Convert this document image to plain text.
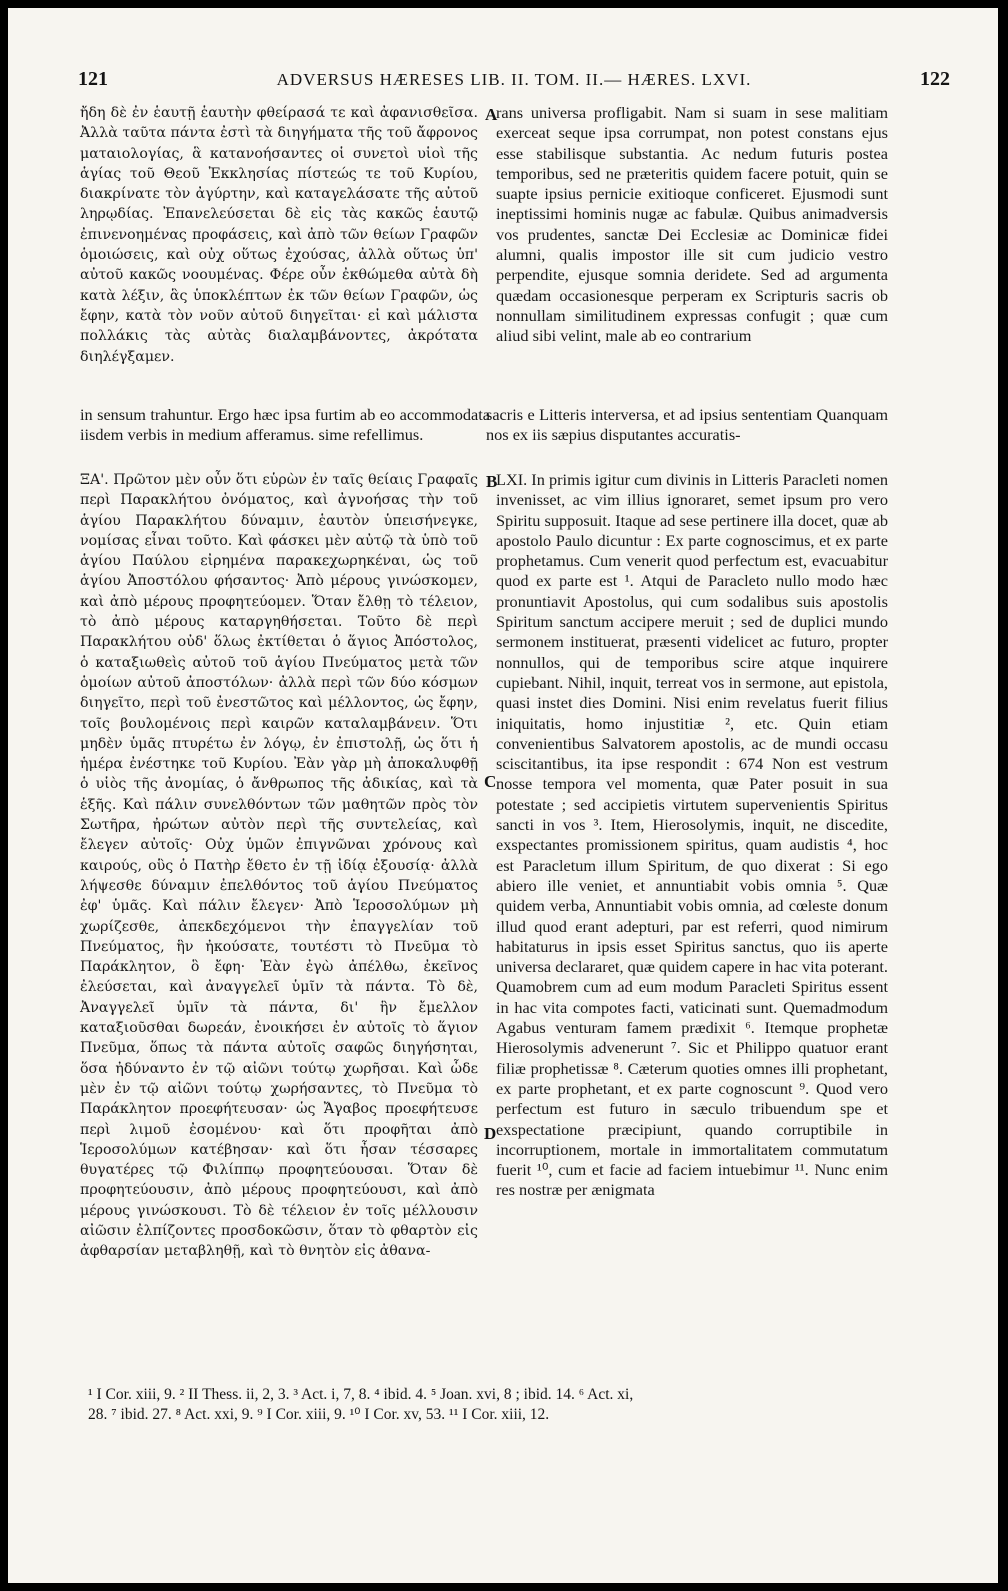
121	ADVERSUS HÆRESES LIB. II. TOM. II.— HÆRES. LXVI.	122

ἤδη δὲ ἐν ἑαυτῇ ἑαυτὴν φθείρασά τε καὶ ἀφανισθεῖσα. Ἀλλὰ ταῦτα πάντα ἐστὶ τὰ διηγήματα τῆς τοῦ ἄφρονος ματαιολογίας, ἃ κατανοήσαντες οἱ συνετοὶ υἱοὶ τῆς ἁγίας τοῦ Θεοῦ Ἐκκλησίας πίστεώς τε τοῦ Κυρίου, διακρίνατε τὸν ἀγύρτην, καὶ καταγελάσατε τῆς αὐτοῦ ληρῳδίας. Ἐπανελεύσεται δὲ εἰς τὰς κακῶς ἑαυτῷ ἐπινενοημένας προφάσεις, καὶ ἀπὸ τῶν θείων Γραφῶν ὁμοιώσεις, καὶ οὐχ οὕτως ἐχούσας, ἀλλὰ οὕτως ὑπ' αὐτοῦ κακῶς νοουμένας. Φέρε οὖν ἐκθώμεθα αὐτὰ δὴ κατὰ λέξιν, ἃς ὑποκλέπτων ἐκ τῶν θείων Γραφῶν, ὡς ἔφην, κατὰ τὸν νοῦν αὐτοῦ διηγεῖται· εἰ καὶ μάλιστα πολλάκις τὰς αὐτὰς διαλαμβάνοντες, ἀκρότατα διηλέγξαμεν.

rans universa profligabit. Nam si suam in sese malitiam exerceat seque ipsa corrumpat, non potest constans ejus esse stabilisque substantia. Ac nedum futuris postea temporibus, sed ne præteritis quidem facere potuit, quin se suapte ipsius pernicie exitioque conficeret. Ejusmodi sunt ineptissimi hominis nugæ ac fabulæ. Quibus animadversis vos prudentes, sanctæ Dei Ecclesiæ ac Dominicæ fidei alumni, qualis impostor ille sit cum judicio vestro perpendite, ejusque somnia deridete. Sed ad argumenta quædam occasionesque perperam ex Scripturis sacris ob nonnullam similitudinem expressas confugit ; quæ cum aliud sibi velint, male ab eo contrarium

in sensum trahuntur. Ergo hæc ipsa furtim ab eo accommodata iisdem verbis in medium afferamus. sime refellimus.

sacris e Litteris interversa, et ad ipsius sententiam Quanquam nos ex iis sæpius disputantes accuratis-

ΞΑ'. Πρῶτον μὲν οὖν ὅτι εὑρὼν ἐν ταῖς θείαις Γραφαῖς περὶ Παρακλήτου ὀνόματος, καὶ ἀγνοήσας τὴν τοῦ ἁγίου Παρακλήτου δύναμιν, ἑαυτὸν ὑπεισήνεγκε, νομίσας εἶναι τοῦτο. Καὶ φάσκει μὲν αὐτῷ τὰ ὑπὸ τοῦ ἁγίου Παύλου εἰρημένα παρακεχωρηκέναι, ὡς τοῦ ἁγίου Ἀποστόλου φήσαντος· Ἀπὸ μέρους γινώσκομεν, καὶ ἀπὸ μέρους προφητεύομεν. Ὅταν ἔλθῃ τὸ τέλειον, τὸ ἀπὸ μέρους καταργηθήσεται. Τοῦτο δὲ περὶ Παρακλήτου οὐδ' ὅλως ἐκτίθεται ὁ ἅγιος Ἀπόστολος, ὁ καταξιωθεὶς αὐτοῦ τοῦ ἁγίου Πνεύματος μετὰ τῶν ὁμοίων αὐτοῦ ἀποστόλων· ἀλλὰ περὶ τῶν δύο κόσμων διηγεῖτο, περὶ τοῦ ἐνεστῶτος καὶ μέλλοντος, ὡς ἔφην, τοῖς βουλομένοις περὶ καιρῶν καταλαμβάνειν. Ὅτι μηδὲν ὑμᾶς πτυρέτω ἐν λόγῳ, ἐν ἐπιστολῇ, ὡς ὅτι ἡ ἡμέρα ἐνέστηκε τοῦ Κυρίου. Ἐὰν γὰρ μὴ ἀποκαλυφθῇ ὁ υἱὸς τῆς ἀνομίας, ὁ ἄνθρωπος τῆς ἀδικίας, καὶ τὰ ἑξῆς. Καὶ πάλιν συνελθόντων τῶν μαθητῶν πρὸς τὸν Σωτῆρα, ἠρώτων αὐτὸν περὶ τῆς συντελείας, καὶ ἔλεγεν αὐτοῖς· Οὐχ ὑμῶν ἐπιγνῶναι χρόνους καὶ καιρούς, οὓς ὁ Πατὴρ ἔθετο ἐν τῇ ἰδίᾳ ἐξουσίᾳ· ἀλλὰ λήψεσθε δύναμιν ἐπελθόντος τοῦ ἁγίου Πνεύματος ἐφ' ὑμᾶς. Καὶ πάλιν ἔλεγεν· Ἀπὸ Ἱεροσολύμων μὴ χωρίζεσθε, ἀπεκδεχόμενοι τὴν ἐπαγγελίαν τοῦ Πνεύματος, ἣν ἠκούσατε, τουτέστι τὸ Πνεῦμα τὸ Παράκλητον, ὃ ἔφη· Ἐὰν ἐγὼ ἀπέλθω, ἐκεῖνος ἐλεύσεται, καὶ ἀναγγελεῖ ὑμῖν τὰ πάντα. Τὸ δὲ, Ἀναγγελεῖ ὑμῖν τὰ πάντα, δι' ἣν ἔμελλον καταξιοῦσθαι δωρεάν, ἐνοικήσει ἐν αὐτοῖς τὸ ἅγιον Πνεῦμα, ὅπως τὰ πάντα αὐτοῖς σαφῶς διηγήσηται, ὅσα ἠδύναντο ἐν τῷ αἰῶνι τούτῳ χωρῆσαι. Καὶ ὧδε μὲν ἐν τῷ αἰῶνι τούτῳ χωρήσαντες, τὸ Πνεῦμα τὸ Παράκλητον προεφήτευσαν· ὡς Ἄγαβος προεφήτευσε περὶ λιμοῦ ἐσομένου· καὶ ὅτι προφῆται ἀπὸ Ἱεροσολύμων κατέβησαν· καὶ ὅτι ἦσαν τέσσαρες θυγατέρες τῷ Φιλίππῳ προφητεύουσαι. Ὅταν δὲ προφητεύουσιν, ἀπὸ μέρους προφητεύουσι, καὶ ἀπὸ μέρους γινώσκουσι. Τὸ δὲ τέλειον ἐν τοῖς μέλλουσιν αἰῶσιν ἐλπίζοντες προσδοκῶσιν, ὅταν τὸ φθαρτὸν εἰς ἀφθαρσίαν μεταβληθῇ, καὶ τὸ θνητὸν εἰς ἀθανα-

LXI. In primis igitur cum divinis in Litteris Paracleti nomen invenisset, ac vim illius ignoraret, semet ipsum pro vero Spiritu supposuit. Itaque ad sese pertinere illa docet, quæ ab apostolo Paulo dicuntur : Ex parte cognoscimus, et ex parte prophetamus. Cum venerit quod perfectum est, evacuabitur quod ex parte est ¹. Atqui de Paracleto nullo modo hæc pronuntiavit Apostolus, qui cum sodalibus suis apostolis Spiritum sanctum accipere meruit ; sed de duplici mundo sermonem instituerat, præsenti videlicet ac futuro, propter nonnullos, qui de temporibus scire atque inquirere cupiebant. Nihil, inquit, terreat vos in sermone, aut epistola, quasi instet dies Domini. Nisi enim revelatus fuerit filius iniquitatis, homo injustitiæ ², etc. Quin etiam convenientibus Salvatorem apostolis, ac de mundi occasu sciscitantibus, ita ipse respondit : 674 Non est vestrum nosse tempora vel momenta, quæ Pater posuit in sua potestate ; sed accipietis virtutem supervenientis Spiritus sancti in vos ³. Item, Hierosolymis, inquit, ne discedite, exspectantes promissionem spiritus, quam audistis ⁴, hoc est Paracletum illum Spiritum, de quo dixerat : Si ego abiero ille veniet, et annuntiabit vobis omnia ⁵. Quæ quidem verba, Annuntiabit vobis omnia, ad cœleste donum illud quod erant adepturi, par est referri, quod nimirum habitaturus in ipsis esset Spiritus sanctus, quo iis aperte universa declararet, quæ quidem capere in hac vita poterant. Quamobrem cum ad eum modum Paracleti Spiritus essent in hac vita compotes facti, vaticinati sunt. Quemadmodum Agabus venturam famem prædixit ⁶. Itemque prophetæ Hierosolymis advenerunt ⁷. Sic et Philippo quatuor erant filiæ prophetissæ ⁸. Cæterum quoties omnes illi prophetant, ex parte prophetant, et ex parte cognoscunt ⁹. Quod vero perfectum est futuro in sæculo tribuendum spe et exspectatione præcipiunt, quando corruptibile in incorruptionem, mortale in immortalitatem commutatum fuerit ¹⁰, cum et facie ad faciem intuebimur ¹¹. Nunc enim res nostræ per ænigmata

A
B
C
D
¹ I Cor. xiii, 9. ² II Thess. ii, 2, 3. ³ Act. i, 7, 8. ⁴ ibid. 4. ⁵ Joan. xvi, 8 ; ibid. 14. ⁶ Act. xi,
28. ⁷ ibid. 27. ⁸ Act. xxi, 9. ⁹ I Cor. xiii, 9. ¹⁰ I Cor. xv, 53. ¹¹ I Cor. xiii, 12.
